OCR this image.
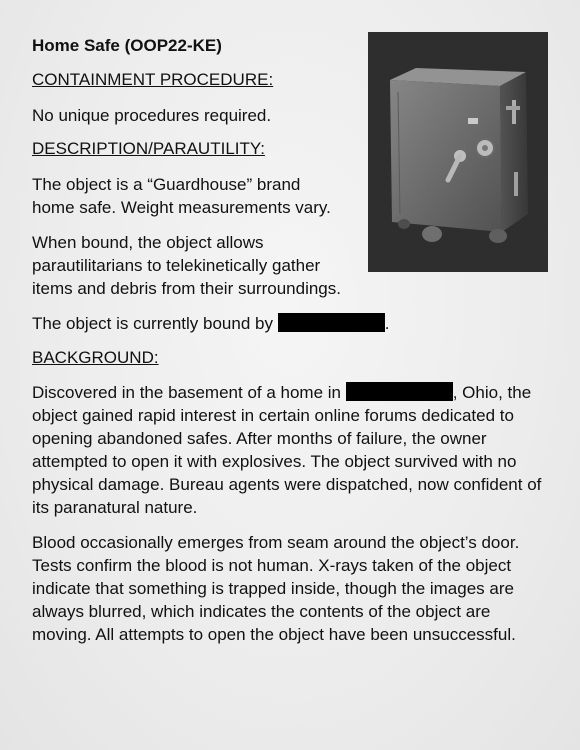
Home Safe (OOP22-KE)
CONTAINMENT PROCEDURE:

No unique procedures required.

DESCRIPTION/PARAUTILITY:

The object is a “Guardhouse” brand home safe. Weight measurements vary.

When bound, the object allows parautilitarians to telekinetically gather items and debris from their surroundings.

The object is currently bound by	.

BACKGROUND:

Discovered in the basement of a home in	, Ohio, the object gained rapid interest in certain online forums dedicated to opening abandoned safes. After months of failure, the owner attempted to open it with explosives. The object survived with no physical damage. Bureau agents were dispatched, now confident of its paranatural nature.

Blood occasionally emerges from seam around the object’s door. Tests confirm the blood is not human. X-rays taken of the object indicate that something is trapped inside, though the images are always blurred, which indicates the contents of the object are moving. All attempts to open the object have been unsuccessful.
